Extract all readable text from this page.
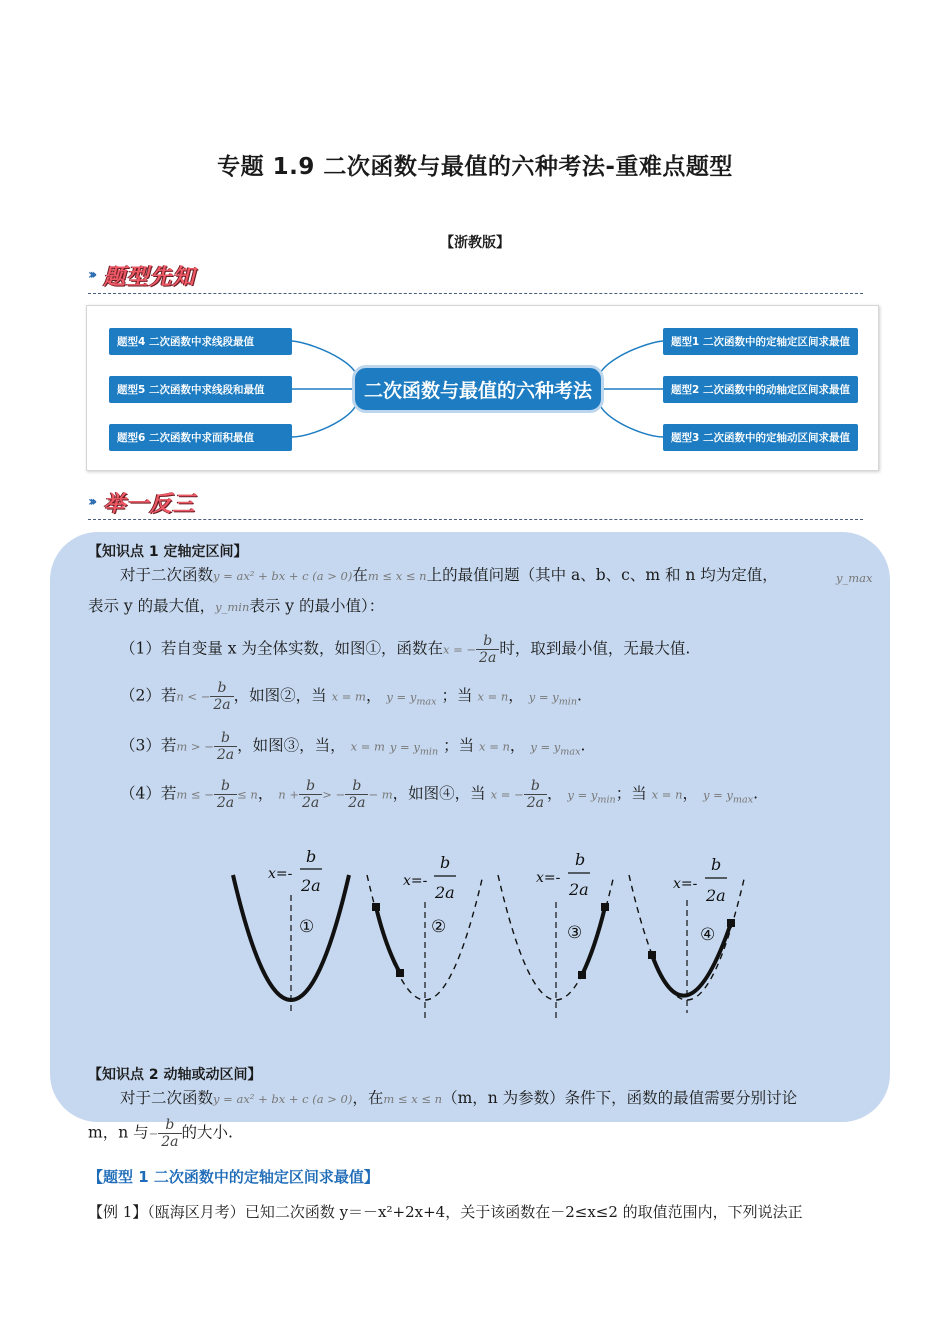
专题 1.9 二次函数与最值的六种考法-重难点题型
【浙教版】
››› 题型先知
二次函数与最值的六种考法
题型4 二次函数中求线段最值
题型5 二次函数中求线段和最值
题型6 二次函数中求面积最值
题型1 二次函数中的定轴定区间求最值
题型2 二次函数中的动轴定区间求最值
题型3 二次函数中的定轴动区间求最值
››› 举一反三
【知识点 1 定轴定区间】
对于二次函数y = ax² + bx + c (a > 0)在m ≤ x ≤ n上的最值问题（其中 a、b、c、m 和 n 均为定值，	y_max
表示 y 的最大值，y_min表示 y 的最小值）：
（1）若自变量 x 为全体实数，如图①，函数在x = − $\frac{b}{2a}$ 时，取到最小值，无最大值.
（2）若n < − $\frac{b}{2a}$ ，如图②，当 x = m， $y = y_{max}$ ；当 x = n， $y = y_{min}$.
（3）若m > − $\frac{b}{2a}$ ，如图③，当， x = m $y = y_{min}$ ；当 x = n， $y = y_{max}$.
（4）若m ≤ − $\frac{b}{2a} \le n$， $n + \frac{b}{2a}$ > − $\frac{b}{2a} - m$，如图④，当 x = − $\frac{b}{2a}$ ， $y = y_{min}$；当 x = n， $y = y_{max}$.
x=-
b
2a
①
x=-
b
2a
②
x=-
b
2a
③
x=-
b
2a
④
【知识点 2 动轴或动区间】
对于二次函数y = ax² + bx + c (a > 0)，在m ≤ x ≤ n（m，n 为参数）条件下，函数的最值需要分别讨论
m，n 与− $\frac{b}{2a}$ 的大小.
【题型 1 二次函数中的定轴定区间求最值】
【例 1】（瓯海区月考）已知二次函数 y＝－x²+2x+4，关于该函数在－2≤x≤2 的取值范围内，下列说法正
